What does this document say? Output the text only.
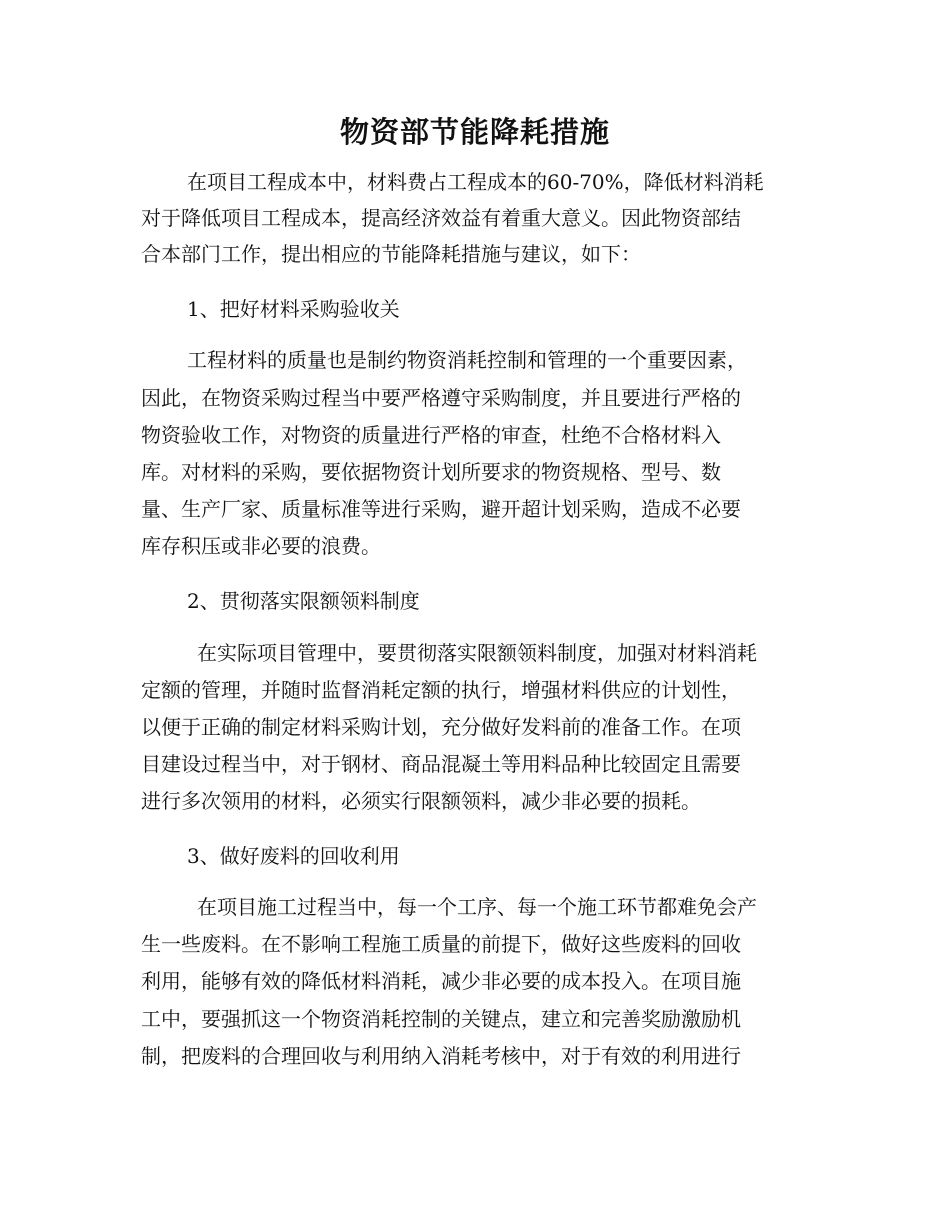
物资部节能降耗措施

在项目工程成本中，材料费占工程成本的60-70%，降低材料消耗

对于降低项目工程成本，提高经济效益有着重大意义。因此物资部结

合本部门工作，提出相应的节能降耗措施与建议，如下：

1、把好材料采购验收关

工程材料的质量也是制约物资消耗控制和管理的一个重要因素，

因此，在物资采购过程当中要严格遵守采购制度，并且要进行严格的

物资验收工作，对物资的质量进行严格的审查，杜绝不合格材料入

库。对材料的采购，要依据物资计划所要求的物资规格、型号、数

量、生产厂家、质量标准等进行采购，避开超计划采购，造成不必要

库存积压或非必要的浪费。

2、贯彻落实限额领料制度

在实际项目管理中，要贯彻落实限额领料制度，加强对材料消耗

定额的管理，并随时监督消耗定额的执行，增强材料供应的计划性，

以便于正确的制定材料采购计划，充分做好发料前的准备工作。在项

目建设过程当中，对于钢材、商品混凝土等用料品种比较固定且需要

进行多次领用的材料，必须实行限额领料，减少非必要的损耗。

3、做好废料的回收利用

在项目施工过程当中，每一个工序、每一个施工环节都难免会产

生一些废料。在不影响工程施工质量的前提下，做好这些废料的回收

利用，能够有效的降低材料消耗，减少非必要的成本投入。在项目施

工中，要强抓这一个物资消耗控制的关键点，建立和完善奖励激励机

制，把废料的合理回收与利用纳入消耗考核中，对于有效的利用进行
